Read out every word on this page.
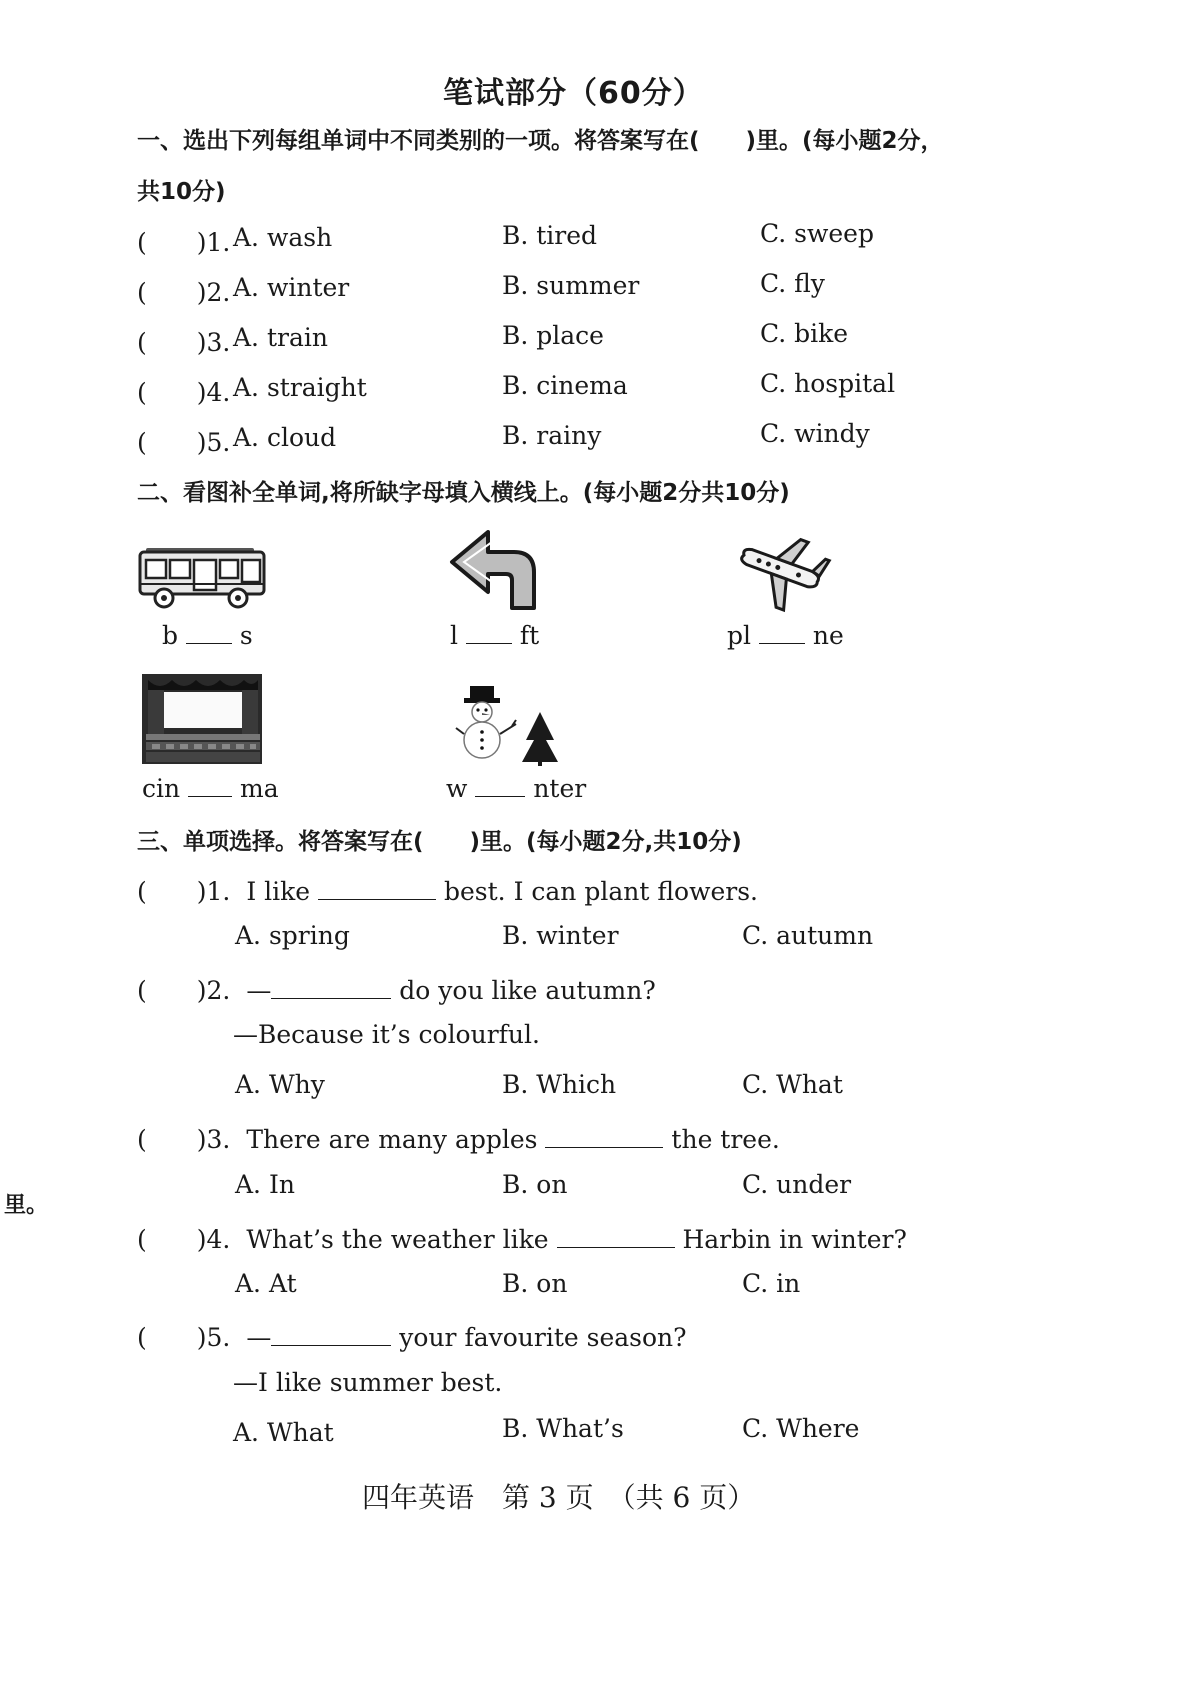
笔试部分（60分）
一、选出下列每组单词中不同类别的一项。将答案写在(　　)里。(每小题2分，
共10分)
(　　)1. A. wash	B. tired	C. sweep
(　　)2. A. winter	B. summer	C. fly
(　　)3. A. train	B. place	C. bike
(　　)4. A. straight	B. cinema	C. hospital
(　　)5. A. cloud	B. rainy	C. windy
二、看图补全单词,将所缺字母填入横线上。(每小题2分共10分)
b s	l ft	pl ne
cin ma	w	nter
三、单项选择。将答案写在(　　)里。(每小题2分,共10分)
(　　)1. I like	best. I can plant flowers.
A. spring	B. winter	C. autumn
(　　)2. —	do you like autumn?
—Because it’s colourful.
A. Why	B. Which	C. What
(　　)3. There are many apples	the tree.
A. In	B. on	C. under
里。
(　　)4. What’s the weather like	Harbin in winter?
A. At	B. on	C. in
(　　)5. —	your favourite season?
—I like summer best.
A. What	B. What’s	C. Where
四年英语　第 3 页　（共 6 页）
